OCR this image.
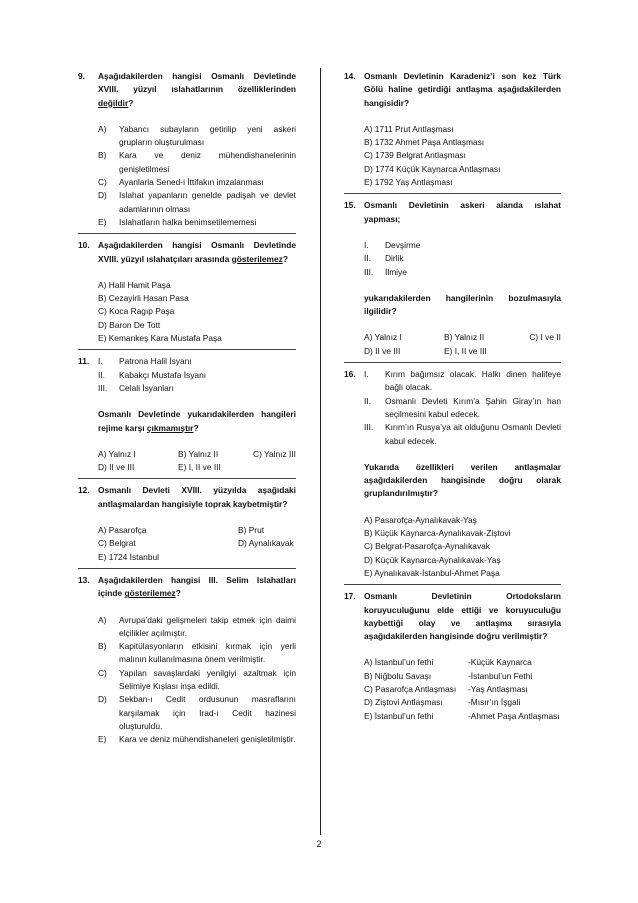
9.	Aşağıdakilerden hangisi Osmanlı Devletinde XVIII. yüzyıl ıslahatlarının özelliklerinden değildir?
A)	Yabancı subayların getirilip yeni askeri grupların oluşturulması
B)	Kara ve deniz mühendishanelerinin genişletilmesi
C)	Ayanlarla Sened-i İttifakın imzalanması
D)	Islahat yapanların genelde padişah ve devlet adamlarının olması
E)	Islahatların halka benimsetilememesi
10. Aşağıdakilerden hangisi Osmanlı Devletinde XVIII. yüzyıl ıslahatçıları arasında gösterilemez?
A) Halil Hamit Paşa
B) Cezayirli Hasan Pasa
C) Koca Ragıp Paşa
D) Baron De Tott
E) Kemankeş Kara Mustafa Paşa
11.	I.	Patrona Halil İsyanı
II.	Kabakçı Mustafa İsyanı
III.	Celali İsyanları
Osmanlı Devletinde yukarıdakilerden hangileri rejime karşı çıkmamıştır?
A) Yalnız I	B) Yalnız II	C) Yalnız III
D) II ve III	E) I, II ve III
12. Osmanlı Devleti XVIII. yüzyılda aşağıdaki antlaşmalardan hangisiyle toprak kaybetmiştir?
A) Pasarofça	B) Prut
C) Belgrat	D) Aynalıkavak
E) 1724 İstanbul
13. Aşağıdakilerden hangisi III. Selim Islahatları içinde gösterilemez?
A)	Avrupa’daki gelişmeleri takip etmek için daimi elçilikler açılmıştır.
B)	Kapitülasyonların etkisini kırmak için yerli malının kullanılmasına önem verilmiştir.
C)	Yapılan savaşlardaki yenilgiyi azaltmak için Selimiye Kışlası inşa edildi.
D)	Sekban-ı Cedit ordusunun masraflarını karşılamak için Irad-ı Cedit hazinesi oluşturuldu.
E)	Kara ve deniz mühendishaneleri genişletilmiştir.
14. Osmanlı Devletinin Karadeniz’i son kez Türk Gölü haline getirdiği antlaşma aşağıdakilerden hangisidir?
A) 1711 Prut Antlaşması
B) 1732 Ahmet Paşa Antlaşması
C) 1739 Belgrat Antlaşması
D) 1774 Küçük Kaynarca Antlaşması
E) 1792 Yaş Antlaşması
15. Osmanlı Devletinin askeri alanda ıslahat yapması;
I.	Devşirme
II.	Dirlik
III.	İlmiye
yukarıdakilerden hangilerinin bozulmasıyla ilgilidir?
A) Yalnız I	B) Yalnız II	C) I ve II
D) II ve III	E) I, II ve III
16. I.	Kırım bağımsız olacak. Halkı dinen halifeye bağlı olacak.
II.	Osmanlı Devleti Kırım’a Şahin Giray’ın han seçilmesini kabul edecek.
III.	Kırım’ın Rusya’ya ait olduğunu Osmanlı Devleti kabul edecek.
Yukarıda özellikleri verilen antlaşmalar aşağıdakilerden hangisinde doğru olarak gruplandırılmıştır?
A) Pasarofça-Aynalıkavak-Yaş
B) Küçük Kaynarca-Aynalıkavak-Ziştovi
C) Belgrat-Pasarofça-Aynalıkavak
D) Küçük Kaynarca-Aynalıkavak-Yaş
E) Aynalıkavak-İstanbul-Ahmet Paşa
17. Osmanlı Devletinin Ortodoksların koruyuculuğunu elde ettiği ve koruyuculuğu kaybettiği olay ve antlaşma sırasıyla aşağıdakilerden hangisinde doğru verilmiştir?
A) İstanbul’un fethi	-Küçük Kaynarca
B) Niğbolu Savaşı	-İstanbul’un Fethi
C) Pasarofça Antlaşması	-Yaş Antlaşması
D) Ziştovi Antlaşması	-Mısır’ın İşgali
E) İstanbul’un fethi	-Ahmet Paşa Antlaşması
2
